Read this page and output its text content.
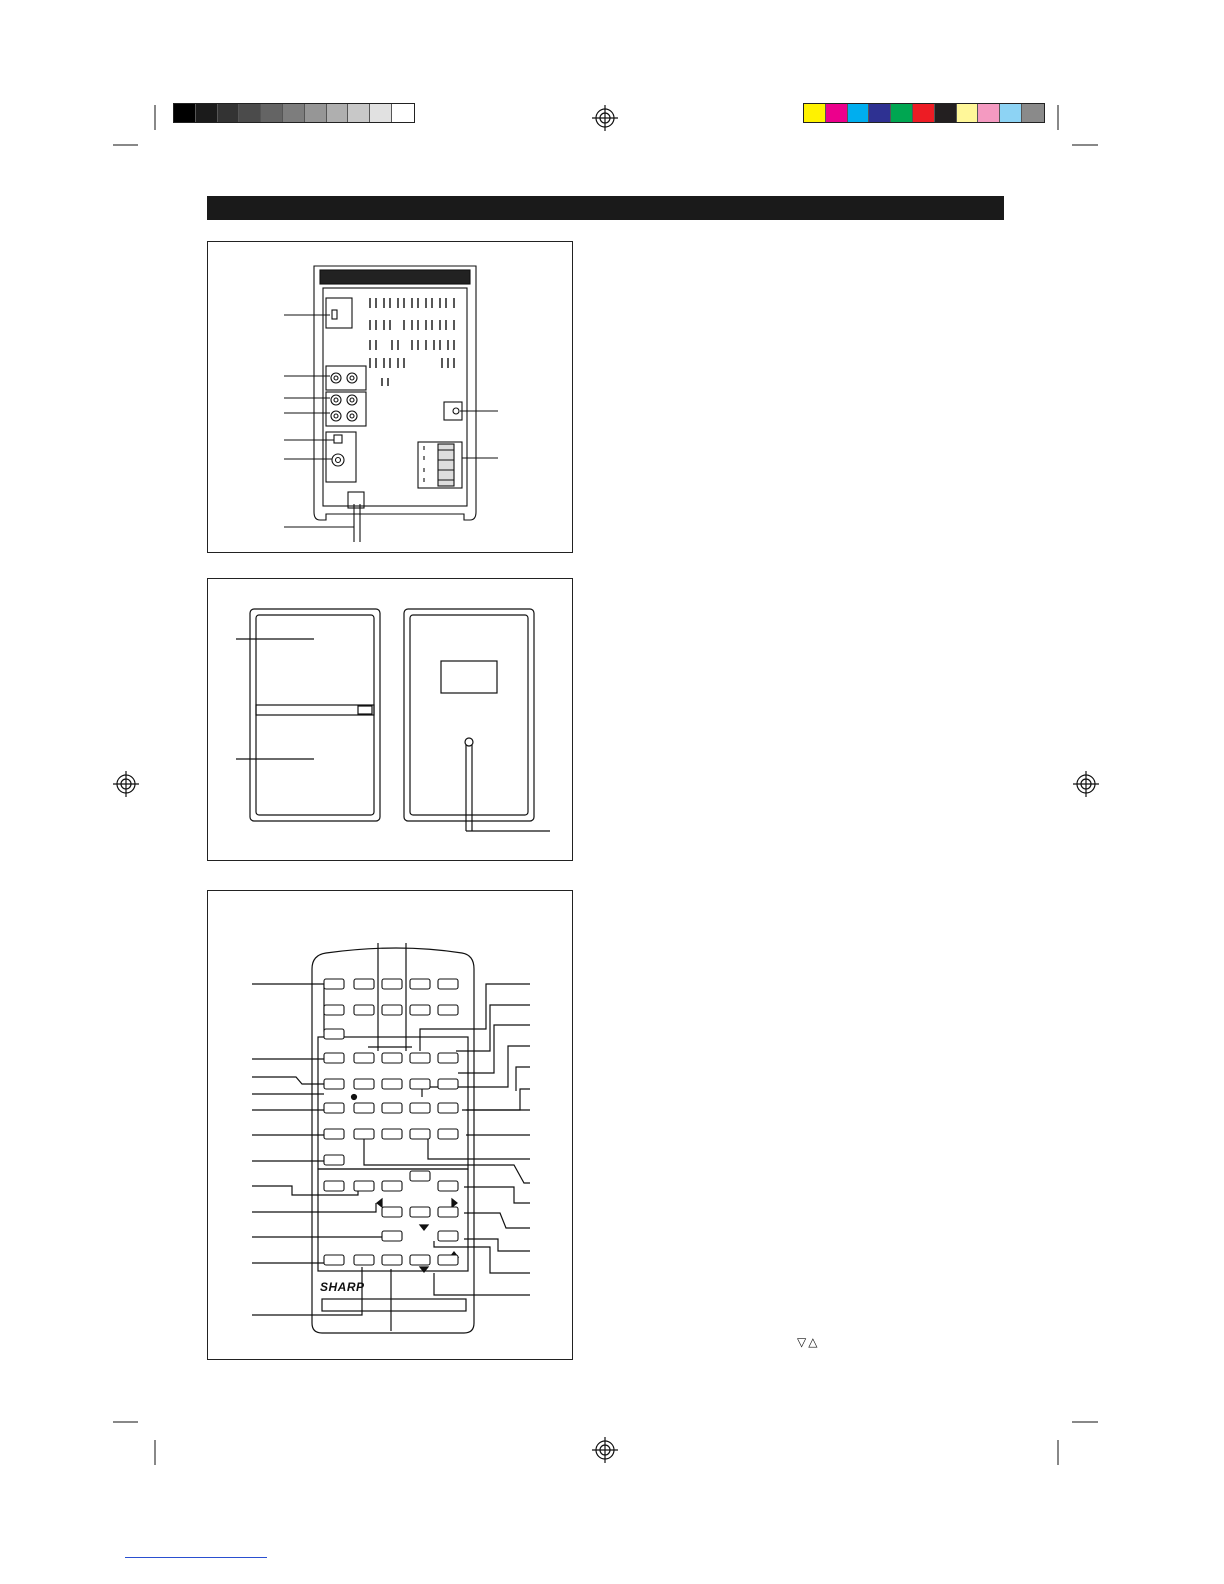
SHARP
▽△
